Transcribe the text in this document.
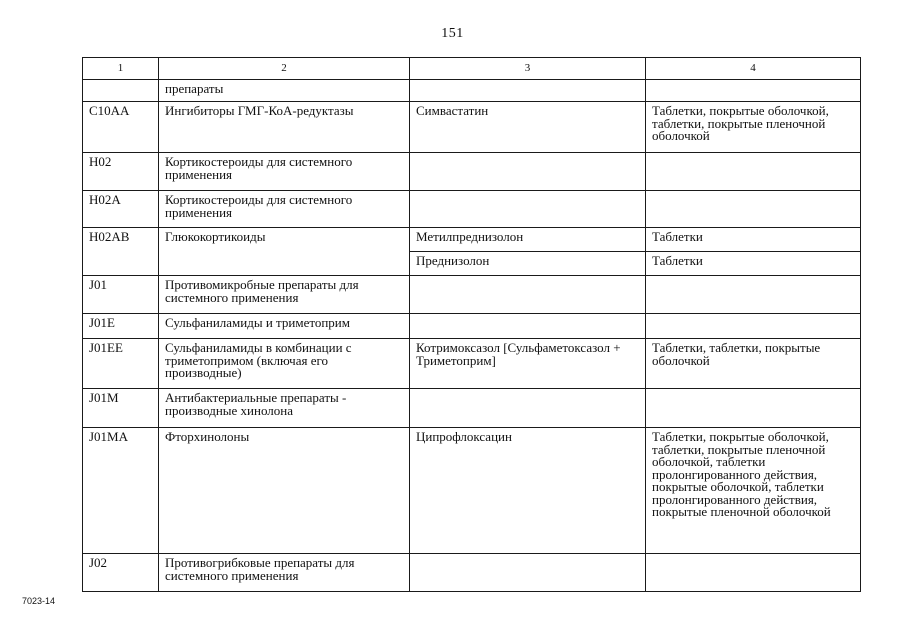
151
1	2	3	4
	препараты		
C10AA	Ингибиторы ГМГ-КоА-редуктазы	Симвастатин	Таблетки, покрытые оболочкой, таблетки, покрытые пленочной оболочкой
H02	Кортикостероиды для системного применения		
H02A	Кортикостероиды для системного применения		
H02AB	Глюкокортикоиды	Метилпреднизолон	Таблетки
		Преднизолон	Таблетки
J01	Противомикробные препараты для системного применения		
J01E	Сульфаниламиды и триметоприм		
J01EE	Сульфаниламиды в комбинации с триметопримом (включая его производные)	Котримоксазол [Сульфаметоксазол + Триметоприм]	Таблетки, таблетки, покрытые оболочкой
J01M	Антибактериальные препараты - производные хинолона		
J01MA	Фторхинолоны	Ципрофлоксацин	Таблетки, покрытые оболочкой, таблетки, покрытые пленочной оболочкой, таблетки пролонгированного действия, покрытые оболочкой, таблетки пролонгированного действия, покрытые пленочной оболочкой
J02	Противогрибковые препараты для системного применения		
7023-14
